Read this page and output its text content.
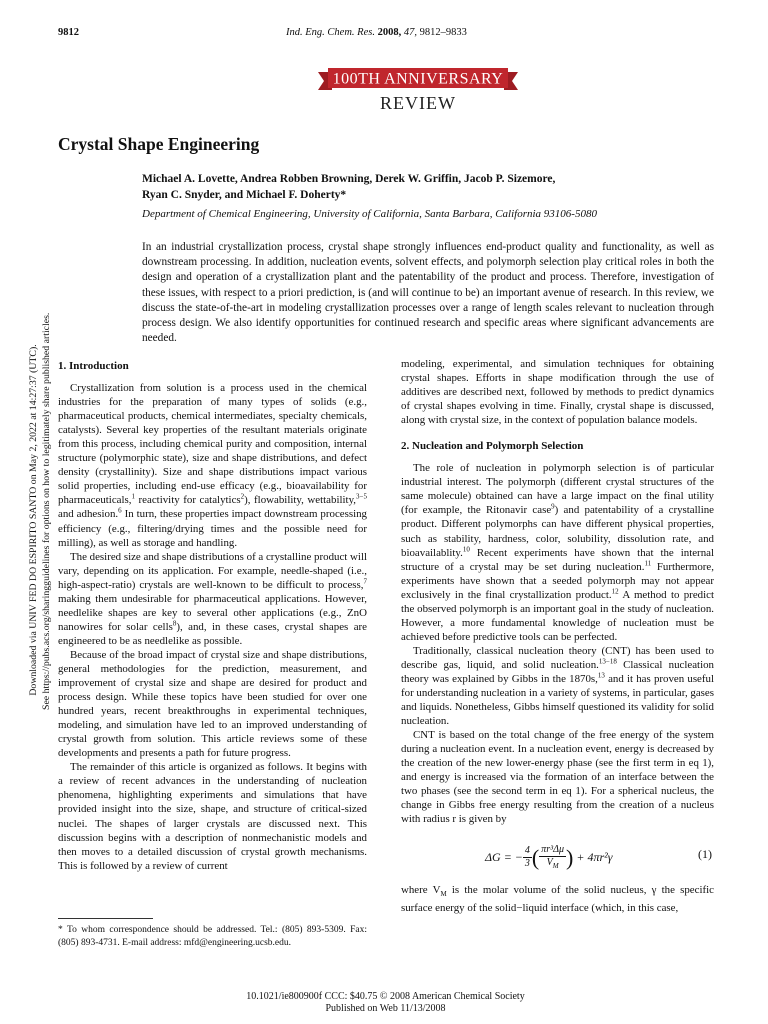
9812	Ind. Eng. Chem. Res. 2008, 47, 9812–9833
100TH ANNIVERSARY
REVIEW
Crystal Shape Engineering
Michael A. Lovette, Andrea Robben Browning, Derek W. Griffin, Jacob P. Sizemore,
Ryan C. Snyder, and Michael F. Doherty*
Department of Chemical Engineering, University of California, Santa Barbara, California 93106-5080
In an industrial crystallization process, crystal shape strongly influences end-product quality and functionality, as well as downstream processing. In addition, nucleation events, solvent effects, and polymorph selection play critical roles in both the design and operation of a crystallization plant and the patentability of the product and process. Therefore, investigation of these issues, with respect to a priori prediction, is (and will continue to be) an important avenue of research. In this review, we discuss the state-of-the-art in modeling crystallization processes over a range of length scales relevant to nucleation through process design. We also identify opportunities for continued research and specific areas where significant advancements are needed.
Downloaded via UNIV FED DO ESPIRITO SANTO on May 2, 2022 at 14:27:37 (UTC). See https://pubs.acs.org/sharingguidelines for options on how to legitimately share published articles. 1. Introduction

Crystallization from solution is a process used in the chemical industries for the preparation of many types of solids (e.g., pharmaceutical products, chemical intermediates, specialty chemicals, catalysts). Several key properties of the resultant materials originate from this process, including chemical purity and composition, internal structure (polymorphic state), size and shape distributions, and defect density (crystallinity). Size and shape distributions impact various solid properties, including end-use efficacy (e.g., bioavailability for pharmaceuticals,$^1$ reactivity for catalytics$^2$), flowability, wettability,$^{3-5}$ and adhesion.$^6$ In turn, these properties impact downstream processing efficiency (e.g., filtering/drying times and the possible need for milling), as well as storage and handling.

The desired size and shape distributions of a crystalline product will vary, depending on its application. For example, needle-shaped (i.e., high-aspect-ratio) crystals are well-known to be difficult to process,$^7$ making them undesirable for pharmaceutical applications. However, needlelike shapes are key to several other applications (e.g., ZnO nanowires for solar cells$^8$), and, in these cases, crystal shapes are engineered to be as needlelike as possible.

Because of the broad impact of crystal size and shape distributions, general methodologies for the prediction, measurement, and improvement of crystal size and shape are desired for product and process design. While these topics have been studied for over one hundred years, recent breakthroughs in experimental techniques, modeling, and simulation have led to an improved understanding of crystal growth from solution. This article reviews some of these developments and presents a path for future progress.

The remainder of this article is organized as follows. It begins with a review of recent advances in the understanding of nucleation phenomena, highlighting experiments and simulations that have provided insight into the size, shape, and structure of critical-sized nuclei. The shapes of larger crystals are discussed next. This discussion begins with a description of nonmechanistic models and then moves to a detailed discussion of crystal growth mechanisms. This is followed by a review of current

modeling, experimental, and simulation techniques for obtaining crystal shapes. Efforts in shape modification through the use of additives are described next, followed by methods to predict dynamics of crystal shapes evolving in time. Finally, crystal shape is discussed, along with crystal size, in the context of population balance models.

2. Nucleation and Polymorph Selection

The role of nucleation in polymorph selection is of particular industrial interest. The polymorph (different crystal structures of the same molecule) obtained can have a large impact on the final utility (for example, the Ritonavir case$^9$) and patentability of a crystalline product. Different polymorphs can have different physical properties, such as stability, hardness, color, solubility, dissolution rate, and bioavailablity.$^{10}$ Recent experiments have shown that the internal structure of a crystal may be set during nucleation.$^{11}$ Furthermore, experiments have shown that a seeded polymorph may not appear exclusively in the final crystallization product.$^{12}$ A method to predict the observed polymorph is an important goal in the study of nucleation. However, a more fundamental knowledge of nucleation must be achieved before predictive tools can be perfected.

Traditionally, classical nucleation theory (CNT) has been used to describe gas, liquid, and solid nucleation.$^{13-18}$ Classical nucleation theory was explained by Gibbs in the 1870s,$^{13}$ and it has proven useful for understanding nucleation in a variety of systems, in particular, gases and liquids. Nonetheless, Gibbs himself questioned its validity for solid nucleation.

CNT is based on the total change of the free energy of the system during a nucleation event. In a nucleation event, energy is decreased by the creation of the new lower-energy phase (see the first term in eq 1), and energy is increased via the formation of an interface between the two phases (see the second term in eq 1). For a spherical nucleus, the change in Gibbs free energy resulting from the creation of a nucleus with radius r is given by

ΔG = − $\frac{4}{3}$ ( $\frac{\text{πr³Δμ}}{V_M}$ ) + 4πr²γ	(1)

where $V_M$ is the molar volume of the solid nucleus, γ the specific surface energy of the solid−liquid interface (which, in this case,

* To whom correspondence should be addressed. Tel.: (805) 893-5309. Fax: (805) 893-4731. E-mail address: mfd@engineering.ucsb.edu.
10.1021/ie800900f CCC: $40.75 © 2008 American Chemical Society
Published on Web 11/13/2008
